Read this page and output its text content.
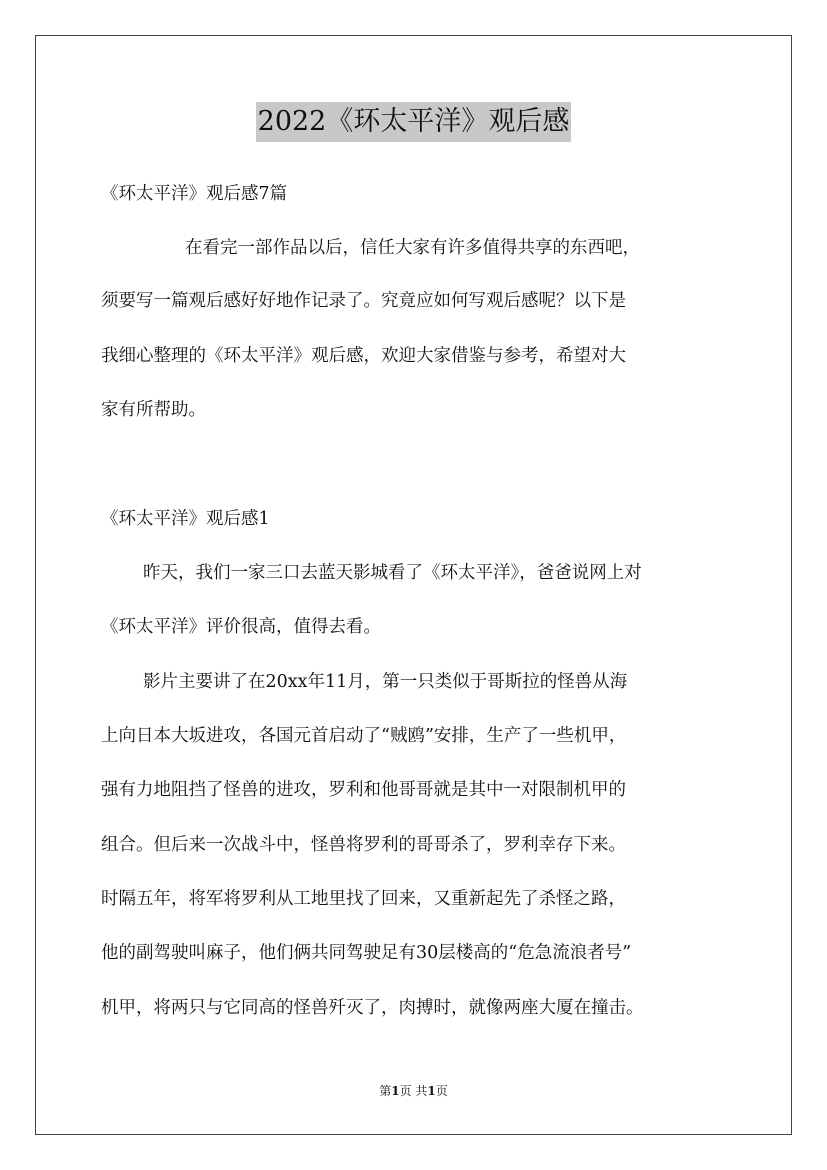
2022《环太平洋》观后感
《环太平洋》观后感7篇
在看完一部作品以后，信任大家有许多值得共享的东西吧，
须要写一篇观后感好好地作记录了。究竟应如何写观后感呢？以下是
我细心整理的《环太平洋》观后感，欢迎大家借鉴与参考，希望对大
家有所帮助。
《环太平洋》观后感1
昨天，我们一家三口去蓝天影城看了《环太平洋》，爸爸说网上对
《环太平洋》评价很高，值得去看。
影片主要讲了在20xx年11月，第一只类似于哥斯拉的怪兽从海
上向日本大坂进攻，各国元首启动了“贼鸥”安排，生产了一些机甲，
强有力地阻挡了怪兽的进攻，罗利和他哥哥就是其中一对限制机甲的
组合。但后来一次战斗中，怪兽将罗利的哥哥杀了，罗利幸存下来。
时隔五年，将军将罗利从工地里找了回来，又重新起先了杀怪之路，
他的副驾驶叫麻子，他们俩共同驾驶足有30层楼高的“危急流浪者号”
机甲，将两只与它同高的怪兽歼灭了，肉搏时，就像两座大厦在撞击。
第1页 共1页
